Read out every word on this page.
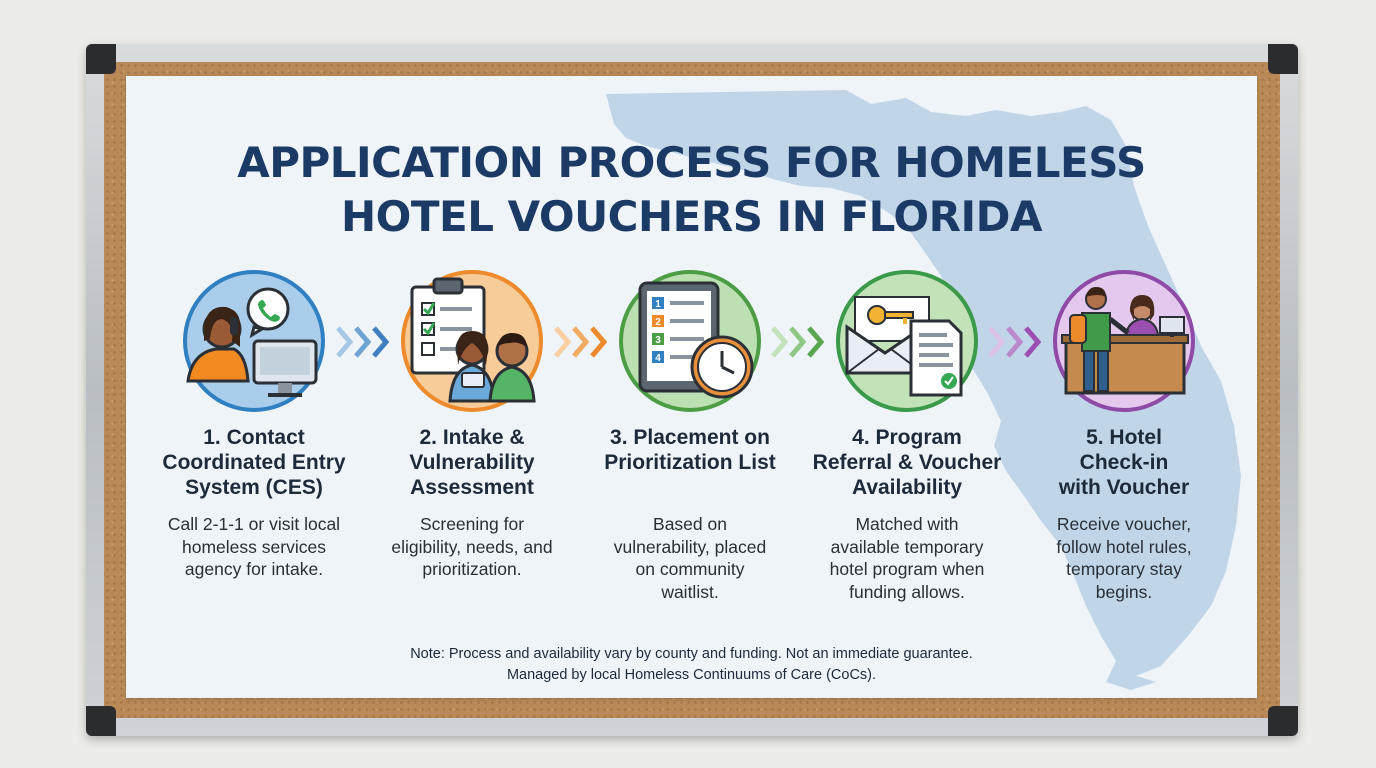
APPLICATION PROCESS FOR HOMELESS
HOTEL VOUCHERS IN FLORIDA
1
2
3
4
1. Contact
Coordinated Entry
System (CES)
2. Intake &
Vulnerability
Assessment
3. Placement on
Prioritization List
4. Program
Referral & Voucher
Availability
5. Hotel
Check-in
with Voucher
Call 2-1-1 or visit local
homeless services
agency for intake.
Screening for
eligibility, needs, and
prioritization.
Based on
vulnerability, placed
on community
waitlist.
Matched with
available temporary
hotel program when
funding allows.
Receive voucher,
follow hotel rules,
temporary stay
begins.
Note: Process and availability vary by county and funding. Not an immediate guarantee.
Managed by local Homeless Continuums of Care (CoCs).
